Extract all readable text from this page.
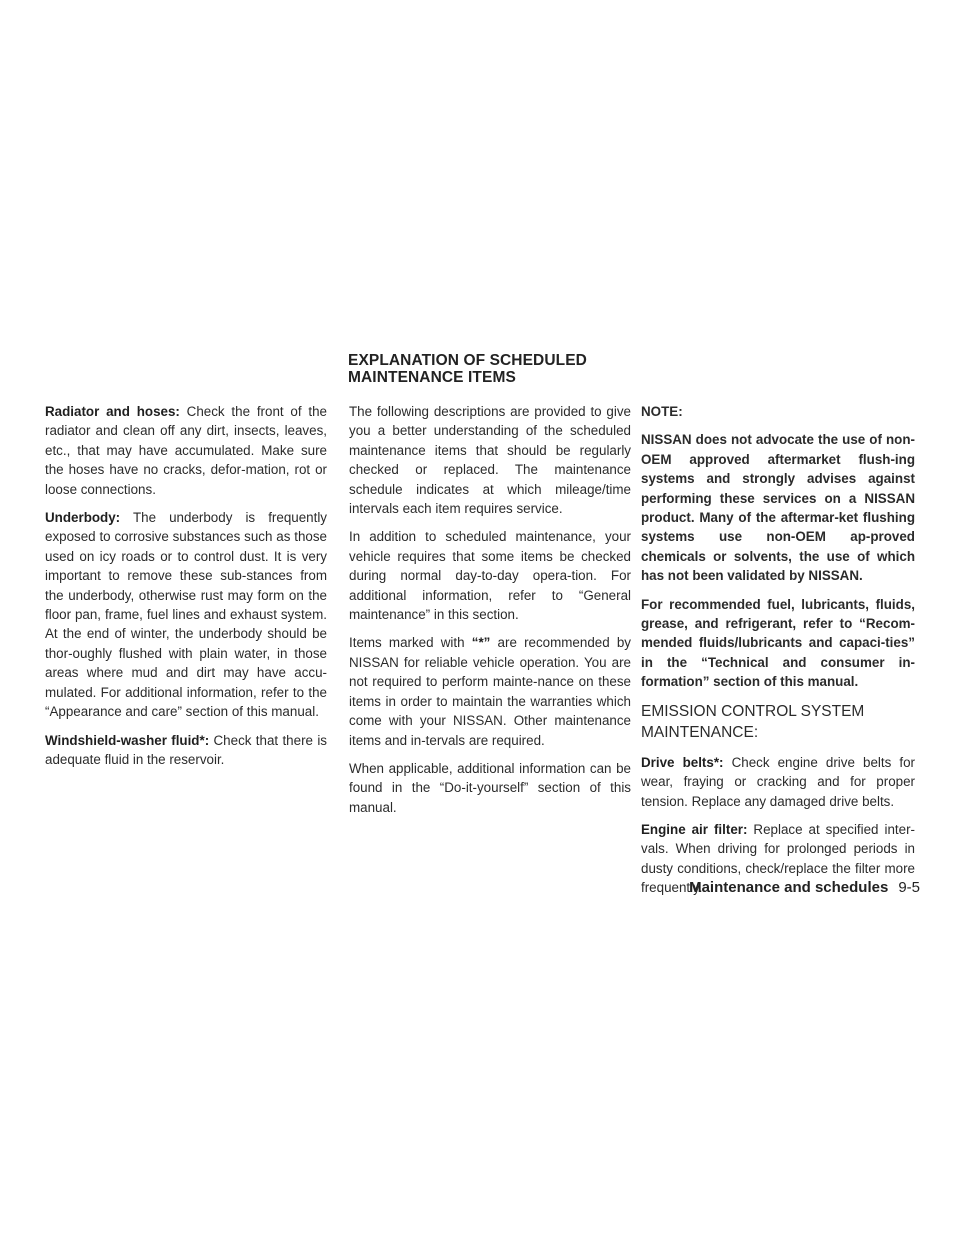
EXPLANATION OF SCHEDULED
MAINTENANCE ITEMS

Radiator and hoses: Check the front of the radiator and clean off any dirt, insects, leaves, etc., that may have accumulated. Make sure the hoses have no cracks, defor-mation, rot or loose connections.

Underbody: The underbody is frequently exposed to corrosive substances such as those used on icy roads or to control dust. It is very important to remove these sub-stances from the underbody, otherwise rust may form on the floor pan, frame, fuel lines and exhaust system. At the end of winter, the underbody should be thor-oughly flushed with plain water, in those areas where mud and dirt may have accu-mulated. For additional information, refer to the “Appearance and care” section of this manual.

Windshield-washer fluid*: Check that there is adequate fluid in the reservoir.

The following descriptions are provided to give you a better understanding of the scheduled maintenance items that should be regularly checked or replaced. The maintenance schedule indicates at which mileage/time intervals each item requires service.

In addition to scheduled maintenance, your vehicle requires that some items be checked during normal day-to-day opera-tion. For additional information, refer to “General maintenance” in this section.

Items marked with “*” are recommended by NISSAN for reliable vehicle operation. You are not required to perform mainte-nance on these items in order to maintain the warranties which come with your NISSAN. Other maintenance items and in-tervals are required.

When applicable, additional information can be found in the “Do-it-yourself” section of this manual.

NOTE:

NISSAN does not advocate the use of non-OEM approved aftermarket flush-ing systems and strongly advises against performing these services on a NISSAN product. Many of the aftermar-ket flushing systems use non-OEM ap-proved chemicals or solvents, the use of which has not been validated by NISSAN.

For recommended fuel, lubricants, fluids, grease, and refrigerant, refer to “Recom-mended fluids/lubricants and capaci-ties” in the “Technical and consumer in-formation” section of this manual.

EMISSION CONTROL SYSTEM MAINTENANCE:

Drive belts*: Check engine drive belts for wear, fraying or cracking and for proper tension. Replace any damaged drive belts.

Engine air filter: Replace at specified inter-vals. When driving for prolonged periods in dusty conditions, check/replace the filter more frequently.

Maintenance and schedules 9-5
